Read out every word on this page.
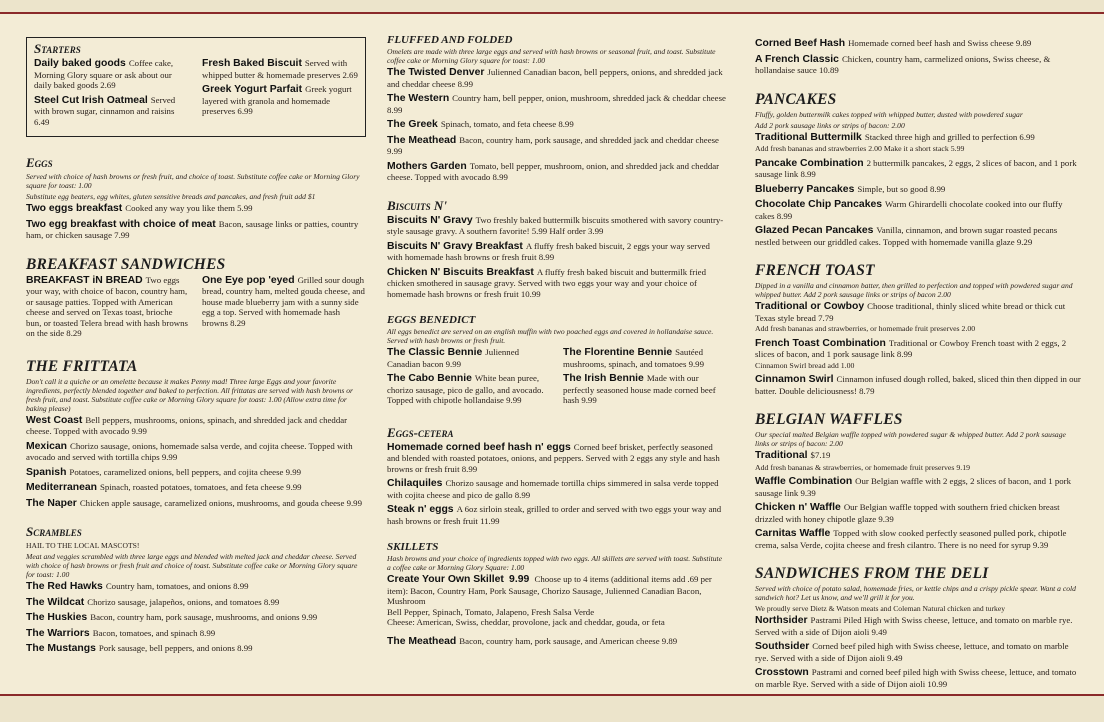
Starters
Daily baked goods Coffee cake, Morning Glory square or ask about our daily baked goods 2.69
Steel Cut Irish Oatmeal Served with brown sugar, cinnamon and raisins 6.49
Fresh Baked Biscuit Served with whipped butter & homemade preserves 2.69
Greek Yogurt Parfait Greek yogurt layered with granola and homemade preserves 6.99
Eggs
Served with choice of hash browns or fresh fruit, and choice of toast. Substitute coffee cake or Morning Glory square for toast: 1.00
Substitute egg beaters, egg whites, gluten sensitive breads and pancakes, and fresh fruit add $1
Two eggs breakfast Cooked any way you like them 5.99
Two egg breakfast with choice of meat Bacon, sausage links or patties, country ham, or chicken sausage 7.99
BREAKFAST SANDWICHES
BREAKFAST iN BREAD Two eggs your way, with choice of bacon, country ham, or sausage patties. Topped with American cheese and served on Texas toast, brioche bun, or toasted Telera bread with hash browns on the side 8.29
One Eye pop 'eyed Grilled sour dough bread, country ham, melted gouda cheese, and house made blueberry jam with a sunny side egg a top. Served with homemade hash browns 8.29
THE FRITTATA
Don't call it a quiche or an omelette because it makes Penny mad! Three large Eggs and your favorite ingredients, perfectly blended together and baked to perfection. All frittatas are served with hash browns or fresh fruit, and toast. Substitute coffee cake or Morning Glory square for toast: 1.00 (Allow extra time for baking please)
West Coast Bell peppers, mushrooms, onions, spinach, and shredded jack and cheddar cheese. Topped with avocado 9.99
Mexican Chorizo sausage, onions, homemade salsa verde, and cojita cheese. Topped with avocado and served with tortilla chips 9.99
Spanish Potatoes, caramelized onions, bell peppers, and cojita cheese 9.99
Mediterranean Spinach, roasted potatoes, tomatoes, and feta cheese 9.99
The Naper Chicken apple sausage, caramelized onions, mushrooms, and gouda cheese 9.99
Scrambles
HAIL TO THE LOCAL MASCOTS!
Meat and veggies scrambled with three large eggs and blended with melted jack and cheddar cheese. Served with choice of hash browns or fresh fruit and choice of toast. Substitute coffee cake or Morning Glory square for toast: 1.00
The Red Hawks Country ham, tomatoes, and onions 8.99
The Wildcat Chorizo sausage, jalapeños, onions, and tomatoes 8.99
The Huskies Bacon, country ham, pork sausage, mushrooms, and onions 9.99
The Warriors Bacon, tomatoes, and spinach 8.99
The Mustangs Pork sausage, bell peppers, and onions 8.99
FLUFFED AND FOLDED
Omelets are made with three large eggs and served with hash browns or seasonal fruit, and toast. Substitute coffee cake or Morning Glory square for toast: 1.00
The Twisted Denver Julienned Canadian bacon, bell peppers, onions, and shredded jack and cheddar cheese 8.99
The Western Country ham, bell pepper, onion, mushroom, shredded jack & cheddar cheese 8.99
The Greek Spinach, tomato, and feta cheese 8.99
The Meathead Bacon, country ham, pork sausage, and shredded jack and cheddar cheese 9.99
Mothers Garden Tomato, bell pepper, mushroom, onion, and shredded jack and cheddar cheese. Topped with avocado 8.99
Biscuits N'
Biscuits N' Gravy Two freshly baked buttermilk biscuits smothered with savory country-style sausage gravy. A southern favorite! 5.99 Half order 3.99
Biscuits N' Gravy Breakfast A fluffy fresh baked biscuit, 2 eggs your way served with homemade hash browns or fresh fruit 8.99
Chicken N' Biscuits Breakfast A fluffy fresh baked biscuit and buttermilk fried chicken smothered in sausage gravy. Served with two eggs your way and your choice of homemade hash browns or fresh fruit 10.99
EGGS BENEDICT
All eggs benedict are served on an english muffin with two poached eggs and covered in hollandaise sauce. Served with hash browns or fresh fruit.
The Classic Bennie Julienned Canadian bacon 9.99
The Cabo Bennie White bean puree, chorizo sausage, pico de gallo, and avocado. Topped with chipotle hollandaise 9.99
The Florentine Bennie Sautéed mushrooms, spinach, and tomatoes 9.99
The Irish Bennie Made with our perfectly seasoned house made corned beef hash 9.99
Eggs-cetera
Homemade corned beef hash n' eggs Corned beef brisket, perfectly seasoned and blended with roasted potatoes, onions, and peppers. Served with 2 eggs any style and hash browns or fresh fruit 8.99
Chilaquiles Chorizo sausage and homemade tortilla chips simmered in salsa verde topped with cojita cheese and pico de gallo 8.99
Steak n' eggs A 6oz sirloin steak, grilled to order and served with two eggs your way and hash browns or fresh fruit 11.99
SKILLETS
Hash browns and your choice of ingredients topped with two eggs. All skillets are served with toast. Substitute a coffee cake or Morning Glory Square: 1.00
Create Your Own Skillet 9.99 Choose up to 4 items (additional items add .69 per item): Bacon, Country Ham, Pork Sausage, Chorizo Sausage, Julienned Canadian Bacon, Mushroom
Bell Pepper, Spinach, Tomato, Jalapeno, Fresh Salsa Verde
Cheese: American, Swiss, cheddar, provolone, jack and cheddar, gouda, or feta
The Meathead Bacon, country ham, pork sausage, and American cheese 9.89
Corned Beef Hash Homemade corned beef hash and Swiss cheese 9.89
A French Classic Chicken, country ham, carmelized onions, Swiss cheese, & hollandaise sauce 10.89
PANCAKES
Fluffy, golden buttermilk cakes topped with whipped butter, dusted with powdered sugar
Add 2 pork sausage links or strips of bacon: 2.00
Traditional Buttermilk Stacked three high and grilled to perfection 6.99
Add fresh bananas and strawberries 2.00 Make it a short stack 5.99
Pancake Combination 2 buttermilk pancakes, 2 eggs, 2 slices of bacon, and 1 pork sausage link 8.99
Blueberry Pancakes Simple, but so good 8.99
Chocolate Chip Pancakes Warm Ghirardelli chocolate cooked into our fluffy cakes 8.99
Glazed Pecan Pancakes Vanilla, cinnamon, and brown sugar roasted pecans nestled between our griddled cakes. Topped with homemade vanilla glaze 9.29
FRENCH TOAST
Dipped in a vanilla and cinnamon batter, then grilled to perfection and topped with powdered sugar and whipped butter. Add 2 pork sausage links or strips of bacon 2.00
Traditional or Cowboy Choose traditional, thinly sliced white bread or thick cut Texas style bread 7.79
Add fresh bananas and strawberries, or homemade fruit preserves 2.00
French Toast Combination Traditional or Cowboy French toast with 2 eggs, 2 slices of bacon, and 1 pork sausage link 8.99
Cinnamon Swirl bread add 1.00
Cinnamon Swirl Cinnamon infused dough rolled, baked, sliced thin then dipped in our batter. Double deliciousness! 8.79
BELGIAN WAFFLES
Our special malted Belgian waffle topped with powdered sugar & whipped butter. Add 2 pork sausage links or strips of bacon: 2.00
Traditional $7.19
Add fresh bananas & strawberries, or homemade fruit preserves 9.19
Waffle Combination Our Belgian waffle with 2 eggs, 2 slices of bacon, and 1 pork sausage link 9.39
Chicken n' Waffle Our Belgian waffle topped with southern fried chicken breast drizzled with honey chipotle glaze 9.39
Carnitas Waffle Topped with slow cooked perfectly seasoned pulled pork, chipotle crema, salsa Verde, cojita cheese and fresh cilantro. There is no need for syrup 9.39
SANDWICHES FROM THE DELI
Served with choice of potato salad, homemade fries, or kettle chips and a crispy pickle spear. Want a cold sandwich hot? Let us know, and we'll grill it for you.
We proudly serve Dietz & Watson meats and Coleman Natural chicken and turkey
Northsider Pastrami Piled High with Swiss cheese, lettuce, and tomato on marble rye. Served with a side of Dijon aioli 9.49
Southsider Corned beef piled high with Swiss cheese, lettuce, and tomato on marble rye. Served with a side of Dijon aioli 9.49
Crosstown Pastrami and corned beef piled high with Swiss cheese, lettuce, and tomato on marble Rye. Served with a side of Dijon aioli 10.99
